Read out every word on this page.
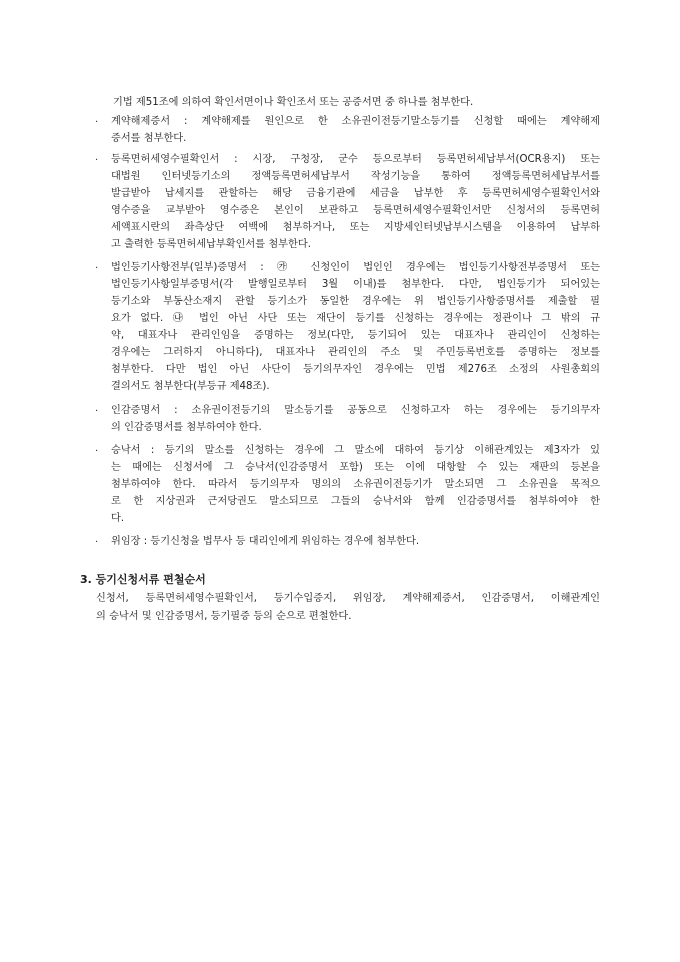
기법 제51조에 의하여 확인서면이나 확인조서 또는 공증서면 중 하나를 첨부한다.
· 계약해제증서 : 계약해제를 원인으로 한 소유권이전등기말소등기를 신청할 때에는 계약해제
증서를 첨부한다.
· 등록면허세영수필확인서 : 시장, 구청장, 군수 등으로부터 등록면허세납부서(OCR용지) 또는
대법원 인터넷등기소의 정액등록면허세납부서 작성기능을 통하여 정액등록면허세납부서를
발급받아 납세지를 관할하는 해당 금융기관에 세금을 납부한 후 등록면허세영수필확인서와
영수증을 교부받아 영수증은 본인이 보관하고 등록면허세영수필확인서만 신청서의 등록면허
세액표시란의 좌측상단 여백에 첨부하거나, 또는 지방세인터넷납부시스템을 이용하여 납부하
고 출력한 등록면허세납부확인서를 첨부한다.
· 법인등기사항전부(일부)증명서 : ㉮ 신청인이 법인인 경우에는 법인등기사항전부증명서 또는
법인등기사항일부증명서(각 발행일로부터 3월 이내)를 첨부한다. 다만, 법인등기가 되어있는
등기소와 부동산소재지 관할 등기소가 동일한 경우에는 위 법인등기사항증명서를 제출할 필
요가 없다. ㉯ 법인 아닌 사단 또는 재단이 등기를 신청하는 경우에는 정관이나 그 밖의 규
약, 대표자나 관리인임을 증명하는 정보(다만, 등기되어 있는 대표자나 관리인이 신청하는
경우에는 그러하지 아니하다), 대표자나 관리인의 주소 및 주민등록번호를 증명하는 정보를
첨부한다. 다만 법인 아닌 사단이 등기의무자인 경우에는 민법 제276조 소정의 사원총회의
결의서도 첨부한다(부등규 제48조).
· 인감증명서 : 소유권이전등기의 말소등기를 공동으로 신청하고자 하는 경우에는 등기의무자
의 인감증명서를 첨부하여야 한다.
· 승낙서 : 등기의 말소를 신청하는 경우에 그 말소에 대하여 등기상 이해관계있는 제3자가 있
는 때에는 신청서에 그 승낙서(인감증명서 포함) 또는 이에 대항할 수 있는 재판의 등본을
첨부하여야 한다. 따라서 등기의무자 명의의 소유권이전등기가 말소되면 그 소유권을 목적으
로 한 지상권과 근저당권도 말소되므로 그들의 승낙서와 함께 인감증명서를 첨부하여야 한
다.
· 위임장 : 등기신청을 법무사 등 대리인에게 위임하는 경우에 첨부한다.
3. 등기신청서류 편철순서
신청서, 등록면허세영수필확인서, 등기수입증지, 위임장, 계약해제증서, 인감증명서, 이해관계인
의 승낙서 및 인감증명서, 등기필증 등의 순으로 편철한다.
